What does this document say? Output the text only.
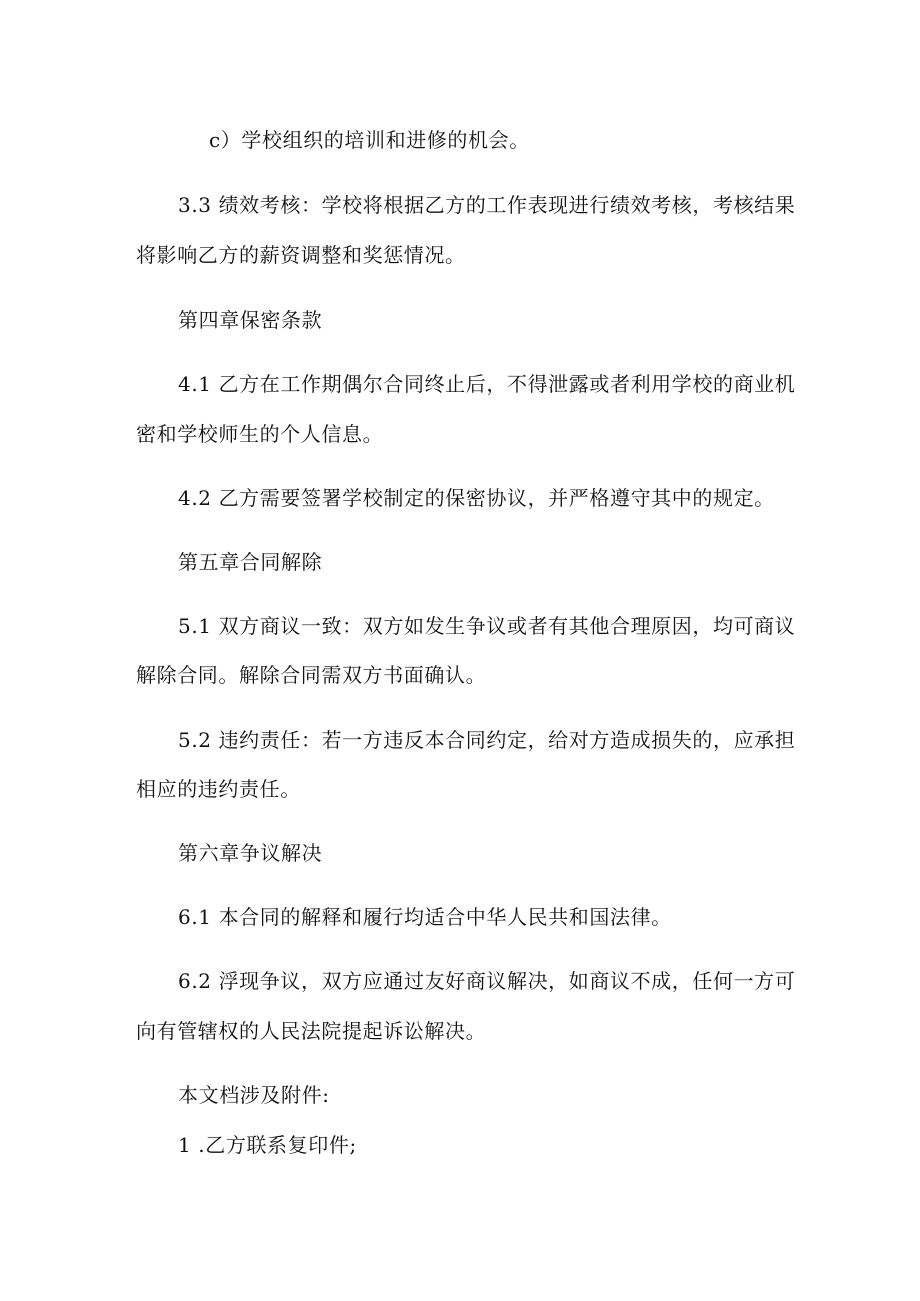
c）学校组织的培训和进修的机会。
3.3 绩效考核：学校将根据乙方的工作表现进行绩效考核，考核结果
将影响乙方的薪资调整和奖惩情况。
第四章保密条款
4.1 乙方在工作期偶尔合同终止后，不得泄露或者利用学校的商业机
密和学校师生的个人信息。
4.2 乙方需要签署学校制定的保密协议，并严格遵守其中的规定。
第五章合同解除
5.1 双方商议一致：双方如发生争议或者有其他合理原因，均可商议
解除合同。解除合同需双方书面确认。
5.2 违约责任：若一方违反本合同约定，给对方造成损失的，应承担
相应的违约责任。
第六章争议解决
6.1 本合同的解释和履行均适合中华人民共和国法律。
6.2 浮现争议，双方应通过友好商议解决，如商议不成，任何一方可
向有管辖权的人民法院提起诉讼解决。
本文档涉及附件:
1 .乙方联系复印件;
